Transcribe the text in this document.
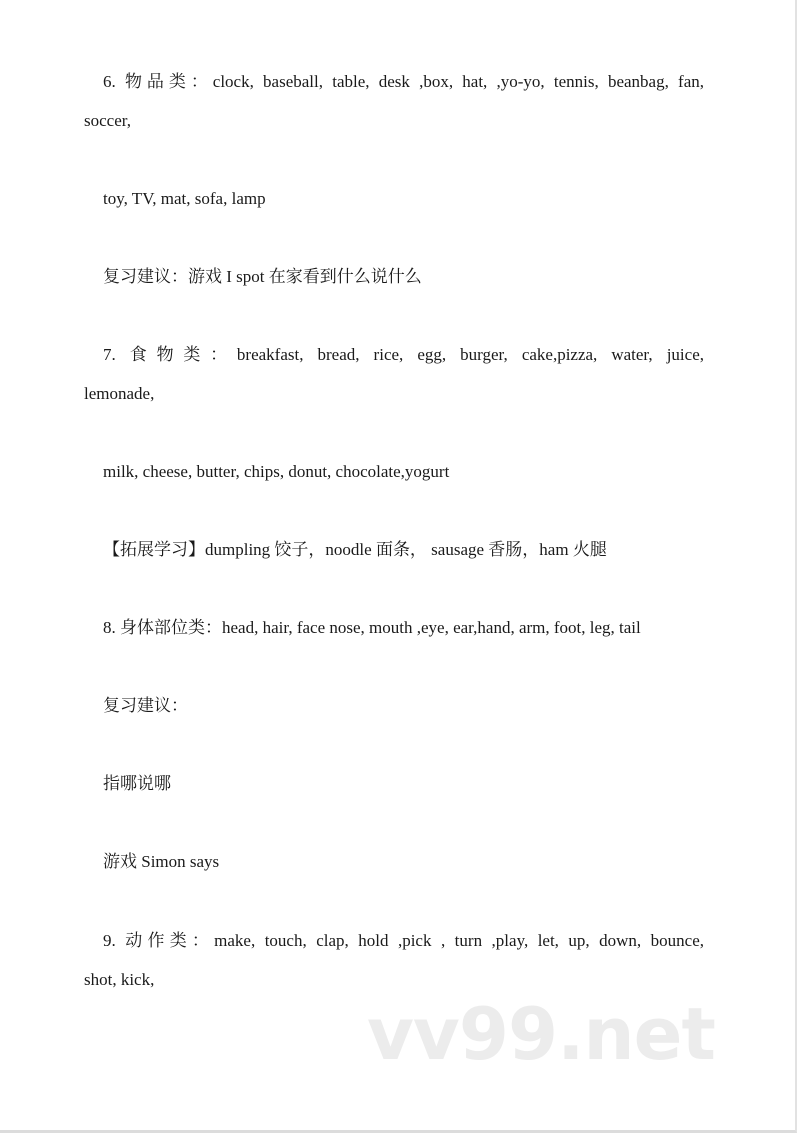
6. 物品类：clock, baseball, table, desk ,box, hat, ,yo-yo, tennis, beanbag, fan,
soccer,
toy, TV, mat, sofa, lamp
复习建议：游戏 I spot 在家看到什么说什么
7. 食物类：breakfast, bread, rice, egg, burger, cake,pizza, water, juice,
lemonade,
milk, cheese, butter, chips, donut, chocolate,yogurt
【拓展学习】dumpling 饺子，noodle 面条， sausage 香肠，ham 火腿
8. 身体部位类：head, hair, face nose, mouth ,eye, ear,hand, arm, foot, leg, tail
复习建议：
指哪说哪
游戏 Simon says
9. 动作类：make, touch, clap, hold ,pick , turn ,play, let, up, down, bounce,
shot, kick,
vv99.net
